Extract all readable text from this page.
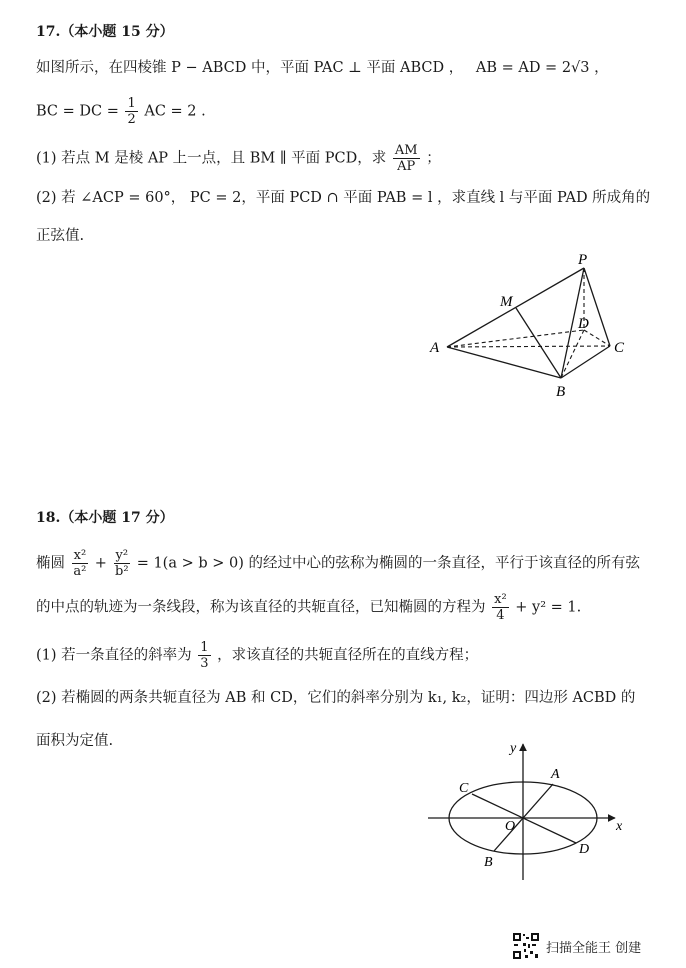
17.（本小题 15 分）
如图所示，在四棱锥 P − ABCD 中，平面 PAC ⊥ 平面 ABCD ， AB = AD = 2√3 ，
BC = DC = $\frac{1}{2}$ AC = 2 .
(1) 若点 M 是棱 AP 上一点，且 BM ∥ 平面 PCD，求 $\frac{AM}{AP}$ ；
(2) 若 ∠ACP = 60°， PC = 2，平面 PCD ∩ 平面 PAB = l ，求直线 l 与平面 PAD 所成角的
正弦值.
P
M
D
A	C
B
18.（本小题 17 分）
椭圆 $\frac{\text{x²}}{\text{a²}} + \frac{\text{y²}}{\text{b²}} = 1(a > b > 0)$ 的经过中心的弦称为椭圆的一条直径，平行于该直径的所有弦
的中点的轨迹为一条线段，称为该直径的共轭直径，已知椭圆的方程为 $\frac{\text{x²}}{4} + y^2 = 1$.
(1) 若一条直径的斜率为 $\frac{1}{3}$ ，求该直径的共轭直径所在的直线方程；
(2) 若椭圆的两条共轭直径为 AB 和 CD，它们的斜率分别为 k₁, k₂，证明：四边形 ACBD 的
面积为定值.	y
x
O
A
C
D
B
扫描全能王 创建
